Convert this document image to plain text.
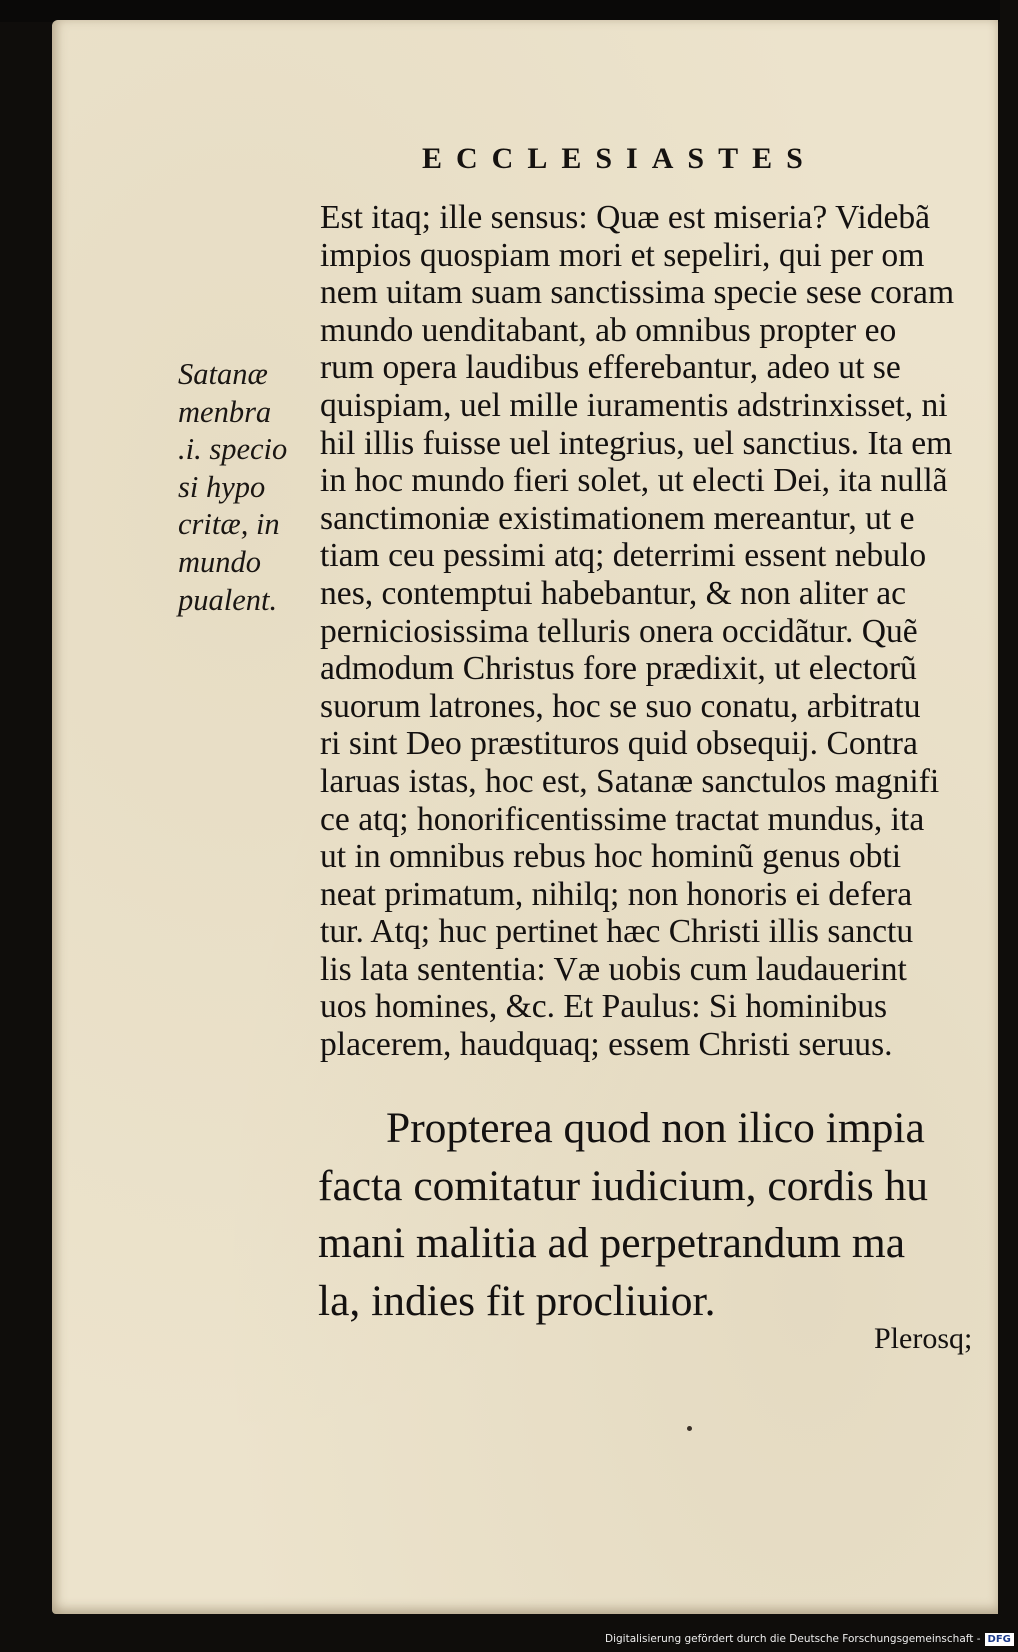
ECCLESIASTES
Est itaq; ille sensus: Quæ est miseria? Videbã
impios quospiam mori et sepeliri, qui per om
nem uitam suam sanctissima specie sese coram
mundo uenditabant, ab omnibus propter eo
rum opera laudibus efferebantur, adeo ut se
quispiam, uel mille iuramentis adstrinxisset, ni
hil illis fuisse uel integrius, uel sanctius. Ita em
in hoc mundo fieri solet, ut electi Dei, ita nullã
sanctimoniæ existimationem mereantur, ut e
tiam ceu pessimi atq; deterrimi essent nebulo
nes, contemptui habebantur, & non aliter ac
perniciosissima telluris onera occidãtur. Quẽ
admodum Christus fore prædixit, ut electorũ
suorum latrones, hoc se suo conatu, arbitratu
ri sint Deo præstituros quid obsequij. Contra
laruas istas, hoc est, Satanæ sanctulos magnifi
ce atq; honorificentissime tractat mundus, ita
ut in omnibus rebus hoc hominũ genus obti
neat primatum, nihilq; non honoris ei defera
tur. Atq; huc pertinet hæc Christi illis sanctu
lis lata sententia: Væ uobis cum laudauerint
uos homines, &c. Et Paulus: Si hominibus
placerem, haudquaq; essem Christi seruus.
Satanæ
menbra
.i. specio
si hypo
critæ, in
mundo
pualent.
Propterea quod non ilico impia
facta comitatur iudicium, cordis hu
mani malitia ad perpetrandum ma
la, indies fit procliuior.
Plerosq;
Digitalisierung gefördert durch die Deutsche Forschungsgemeinschaft - DFG
